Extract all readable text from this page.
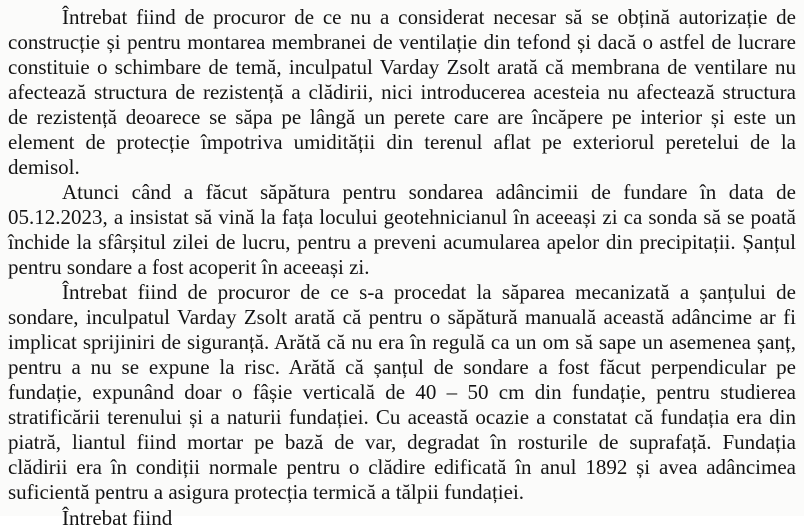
Întrebat fiind de procuror de ce nu a considerat necesar să se obțină autorizație de

construcție și pentru montarea membranei de ventilație din tefond și dacă o astfel de lucrare

constituie o schimbare de temă, inculpatul Varday Zsolt arată că membrana de ventilare nu

afectează structura de rezistență a clădirii, nici introducerea acesteia nu afectează structura

de rezistență deoarece se săpa pe lângă un perete care are încăpere pe interior și este un

element de protecție împotriva umidității din terenul aflat pe exteriorul peretelui de la

demisol.

Atunci când a făcut săpătura pentru sondarea adâncimii de fundare în data de

05.12.2023, a insistat să vină la fața locului geotehnicianul în aceeași zi ca sonda să se poată

închide la sfârșitul zilei de lucru, pentru a preveni acumularea apelor din precipitații. Șanțul

pentru sondare a fost acoperit în aceeași zi.

Întrebat fiind de procuror de ce s-a procedat la săparea mecanizată a șanțului de

sondare, inculpatul Varday Zsolt arată că pentru o săpătură manuală această adâncime ar fi

implicat sprijiniri de siguranță. Arătă că nu era în regulă ca un om să sape un asemenea șanț,

pentru a nu se expune la risc. Arătă că șanțul de sondare a fost făcut perpendicular pe

fundație, expunând doar o fâșie verticală de 40 – 50 cm din fundație, pentru studierea

stratificării terenului și a naturii fundației. Cu această ocazie a constatat că fundația era din

piatră, liantul fiind mortar pe bază de var, degradat în rosturile de suprafață. Fundația

clădirii era în condiții normale pentru o clădire edificată în anul 1892 și avea adâncimea

suficientă pentru a asigura protecția termică a tălpii fundației.

Întrebat fiind
